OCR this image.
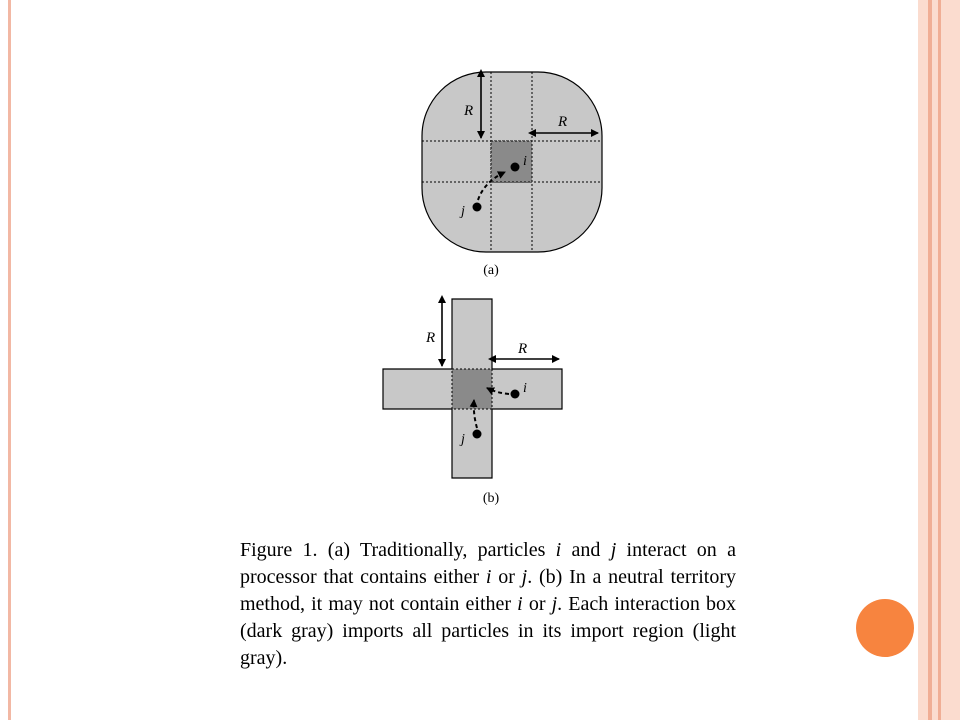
R
R
i
j
(a)
R
R
i
j
(b)
Figure 1. (a) Traditionally, particles i and j interact on a processor that contains either i or j. (b) In a neutral territory method, it may not contain either i or j. Each interaction box (dark gray) imports all particles in its import region (light gray).
